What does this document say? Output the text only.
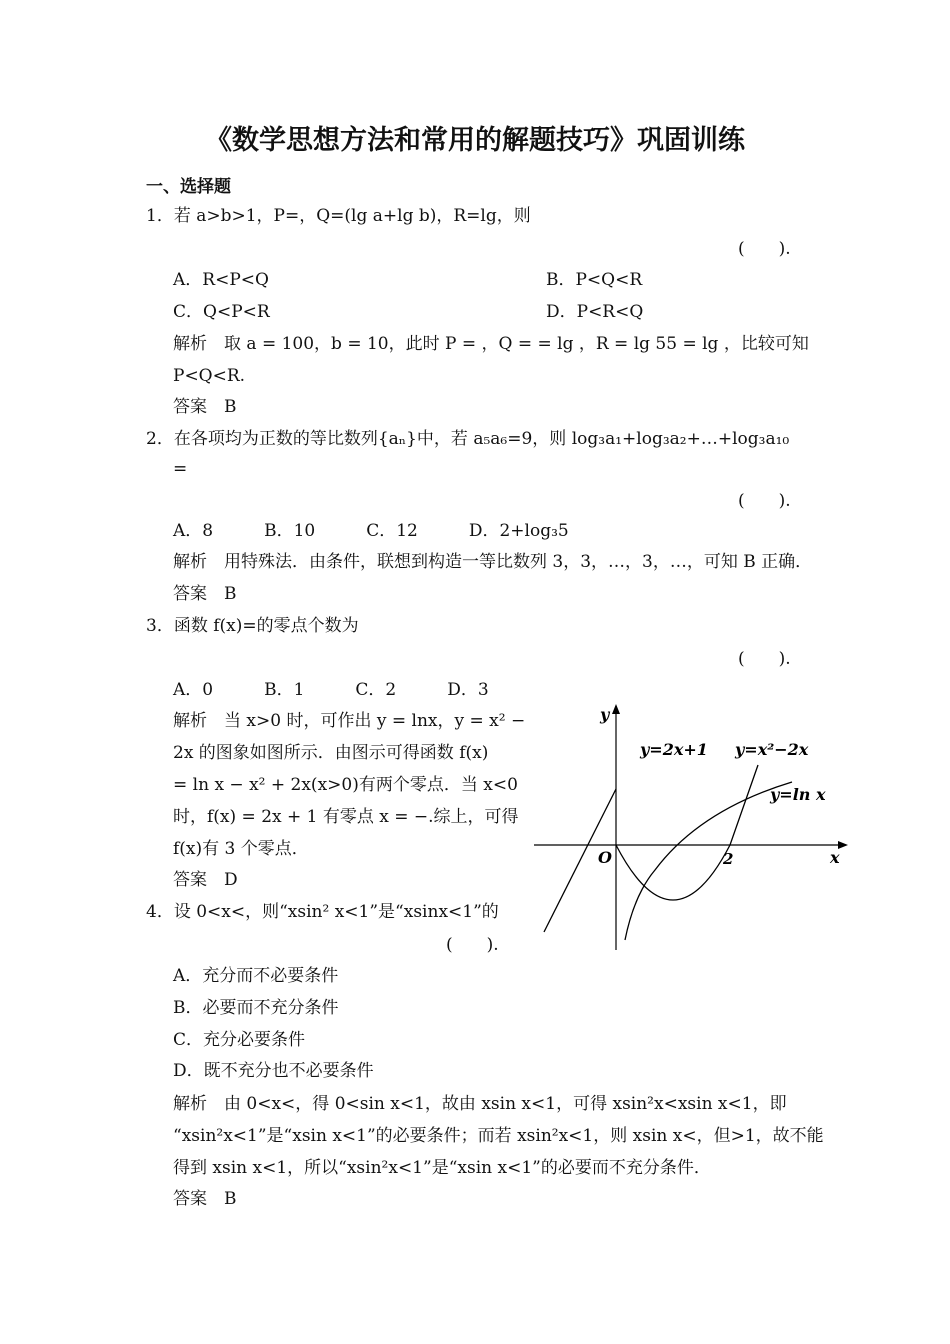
《数学思想方法和常用的解题技巧》巩固训练
一、选择题
1．若 a>b>1，P=，Q=(lg a+lg b)，R=lg，则
(　　).
A．R<P<Q	B．P<Q<R
C．Q<P<R	D．P<R<Q
解析　取 a = 100，b = 10，此时 P = ，Q = = lg ，R = lg 55 = lg ，比较可知
P<Q<R.
答案　B
2．在各项均为正数的等比数列{aₙ}中，若 a₅a₆=9，则 log₃a₁+log₃a₂+…+log₃a₁₀
=
(　　).
A．8　　　B．10　　　C．12　　　D．2+log₃5
解析　用特殊法．由条件，联想到构造一等比数列 3，3，…，3，…，可知 B 正确．
答案　B
3．函数 f(x)=的零点个数为
(　　).
A．0　　　B．1　　　C．2　　　D．3
解析　当 x>0 时，可作出 y = lnx，y = x² −
2x 的图象如图所示．由图示可得函数 f(x)
= ln x − x² + 2x(x>0)有两个零点．当 x<0
时，f(x) = 2x + 1 有零点 x = −.综上，可得
f(x)有 3 个零点．
答案　D
y
x
O	2
y=2x+1 y=x²−2x
y=ln x
4．设 0<x<，则“xsin² x<1”是“xsinx<1”的
(　　).
A．充分而不必要条件
B．必要而不充分条件
C．充分必要条件
D．既不充分也不必要条件
解析　由 0<x<，得 0<sin x<1，故由 xsin x<1，可得 xsin²x<xsin x<1，即
“xsin²x<1”是“xsin x<1”的必要条件；而若 xsin²x<1，则 xsin x<，但>1，故不能
得到 xsin x<1，所以“xsin²x<1”是“xsin x<1”的必要而不充分条件．
答案　B
